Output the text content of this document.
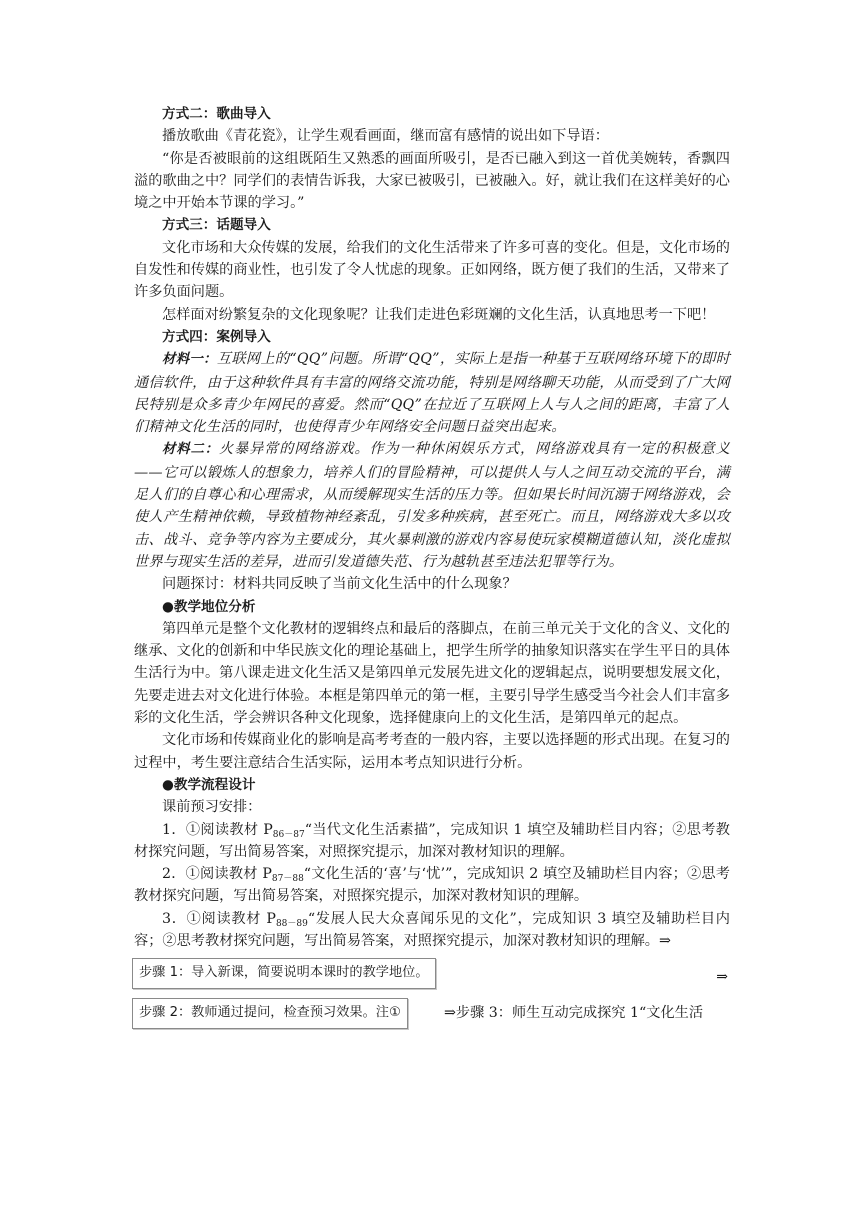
方式二：歌曲导入

播放歌曲《青花瓷》，让学生观看画面，继而富有感情的说出如下导语：

“你是否被眼前的这组既陌生又熟悉的画面所吸引，是否已融入到这一首优美婉转，香飘四溢的歌曲之中？同学们的表情告诉我，大家已被吸引，已被融入。好，就让我们在这样美好的心境之中开始本节课的学习。”

方式三：话题导入

文化市场和大众传媒的发展，给我们的文化生活带来了许多可喜的变化。但是，文化市场的自发性和传媒的商业性，也引发了令人忧虑的现象。正如网络，既方便了我们的生活，又带来了许多负面问题。

怎样面对纷繁复杂的文化现象呢？让我们走进色彩斑斓的文化生活，认真地思考一下吧！

方式四：案例导入

材料一：互联网上的“QQ”问题。所谓“QQ”，实际上是指一种基于互联网络环境下的即时通信软件，由于这种软件具有丰富的网络交流功能，特别是网络聊天功能，从而受到了广大网民特别是众多青少年网民的喜爱。然而“QQ”在拉近了互联网上人与人之间的距离，丰富了人们精神文化生活的同时，也使得青少年网络安全问题日益突出起来。

材料二：火暴异常的网络游戏。作为一种休闲娱乐方式，网络游戏具有一定的积极意义——它可以锻炼人的想象力，培养人们的冒险精神，可以提供人与人之间互动交流的平台，满足人们的自尊心和心理需求，从而缓解现实生活的压力等。但如果长时间沉溺于网络游戏，会使人产生精神依赖，导致植物神经紊乱，引发多种疾病，甚至死亡。而且，网络游戏大多以攻击、战斗、竞争等内容为主要成分，其火暴刺激的游戏内容易使玩家模糊道德认知，淡化虚拟世界与现实生活的差异，进而引发道德失范、行为越轨甚至违法犯罪等行为。

问题探讨：材料共同反映了当前文化生活中的什么现象？

●教学地位分析

第四单元是整个文化教材的逻辑终点和最后的落脚点，在前三单元关于文化的含义、文化的继承、文化的创新和中华民族文化的理论基础上，把学生所学的抽象知识落实在学生平日的具体生活行为中。第八课走进文化生活又是第四单元发展先进文化的逻辑起点，说明要想发展文化，先要走进去对文化进行体验。本框是第四单元的第一框，主要引导学生感受当今社会人们丰富多彩的文化生活，学会辨识各种文化现象，选择健康向上的文化生活，是第四单元的起点。

文化市场和传媒商业化的影响是高考考查的一般内容，主要以选择题的形式出现。在复习的过程中，考生要注意结合生活实际，运用本考点知识进行分析。

●教学流程设计

课前预习安排：

1．①阅读教材 $P_{86-87}“$当代文化生活素描”，完成知识 1 填空及辅助栏目内容；②思考教材探究问题，写出简易答案，对照探究提示，加深对教材知识的理解。

2．①阅读教材 $P_{87-88}“$文化生活的‘喜’与‘忧’”，完成知识 2 填空及辅助栏目内容；②思考教材探究问题，写出简易答案，对照探究提示，加深对教材知识的理解。

3．①阅读教材 $P_{88-89}“$发展人民大众喜闻乐见的文化”，完成知识 3 填空及辅助栏目内容；②思考教材探究问题，写出简易答案，对照探究提示，加深对教材知识的理解。⇒

步骤 1：导入新课，简要说明本课时的教学地位。	⇒
步骤 2：教师通过提问，检查预习效果。注①	⇒步骤 3：师生互动完成探究 1“文化生活
